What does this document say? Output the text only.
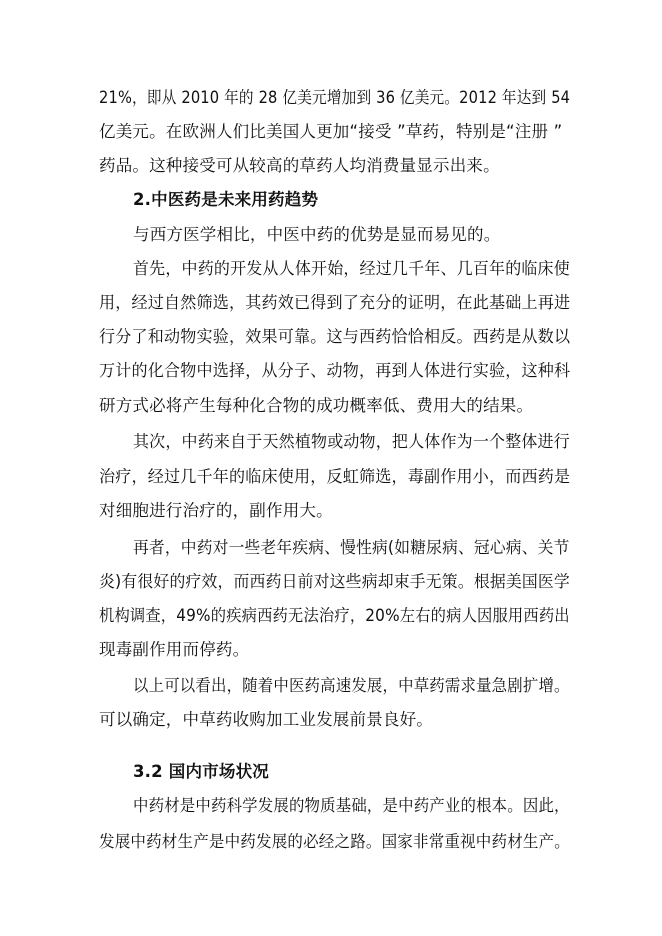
21%，即从 2010 年的 28 亿美元增加到 36 亿美元。2012 年达到 54
亿美元。在欧洲人们比美国人更加“接受 ”草药，特别是“注册 ”
药品。这种接受可从较高的草药人均消费量显示出来。
2.中医药是未来用药趋势
与西方医学相比，中医中药的优势是显而易见的。
首先，中药的开发从人体开始，经过几千年、几百年的临床使
用，经过自然筛选，其药效已得到了充分的证明，在此基础上再进
行分了和动物实验，效果可靠。这与西药恰恰相反。西药是从数以
万计的化合物中选择，从分子、动物，再到人体进行实验，这种科
研方式必将产生每种化合物的成功概率低、费用大的结果。
其次，中药来自于天然植物或动物，把人体作为一个整体进行
治疗，经过几千年的临床使用，反虹筛选，毒副作用小，而西药是
对细胞进行治疗的，副作用大。
再者，中药对一些老年疾病、慢性病(如糖尿病、冠心病、关节
炎)有很好的疗效，而西药日前对这些病却束手无策。根据美国医学
机构调查，49%的疾病西药无法治疗，20%左右的病人因服用西药出
现毒副作用而停药。
以上可以看出，随着中医药高速发展，中草药需求量急剧扩增。
可以确定，中草药收购加工业发展前景良好。
3.2 国内市场状况
中药材是中药科学发展的物质基础，是中药产业的根本。因此，
发展中药材生产是中药发展的必经之路。国家非常重视中药材生产。
